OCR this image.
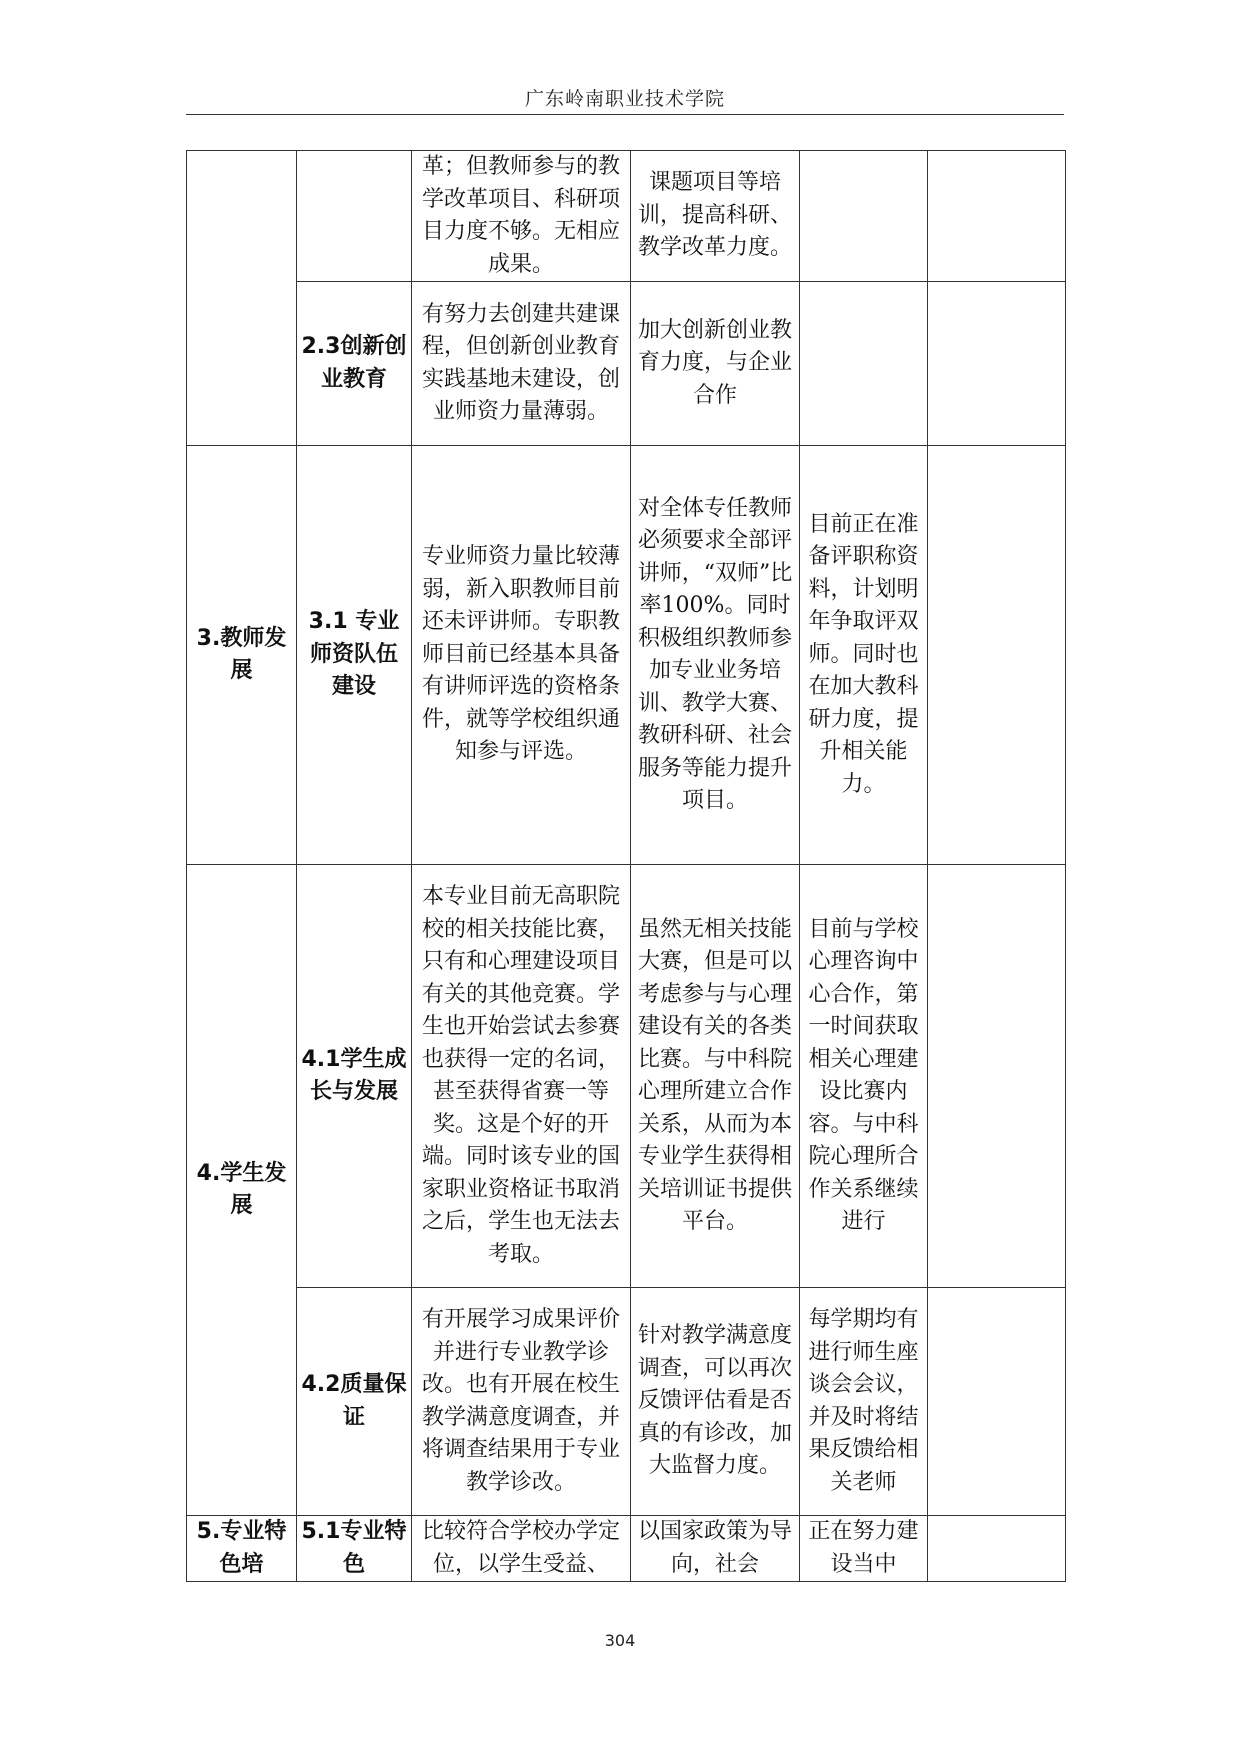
广东岭南职业技术学院
		革；但教师参与的教学改革项目、科研项目力度不够。无相应成果。	课题项目等培训，提高科研、教学改革力度。		
	2.3创新创业教育	有努力去创建共建课程，但创新创业教育实践基地未建设，创业师资力量薄弱。	加大创新创业教育力度，与企业合作		
3.教师发展	3.1 专业师资队伍建设	专业师资力量比较薄弱，新入职教师目前还未评讲师。专职教师目前已经基本具备有讲师评选的资格条件，就等学校组织通知参与评选。	对全体专任教师必须要求全部评讲师，“双师”比率100%。同时积极组织教师参加专业业务培训、教学大赛、教研科研、社会服务等能力提升项目。	目前正在准备评职称资料，计划明年争取评双师。同时也在加大教科研力度，提升相关能力。	
4.学生发展	4.1学生成长与发展	本专业目前无高职院校的相关技能比赛，只有和心理建设项目有关的其他竞赛。学生也开始尝试去参赛也获得一定的名词，甚至获得省赛一等奖。这是个好的开端。同时该专业的国家职业资格证书取消之后，学生也无法去考取。	虽然无相关技能大赛，但是可以考虑参与与心理建设有关的各类比赛。与中科院心理所建立合作关系，从而为本专业学生获得相关培训证书提供平台。	目前与学校心理咨询中心合作，第一时间获取相关心理建设比赛内容。与中科院心理所合作关系继续进行	
	4.2质量保证	有开展学习成果评价并进行专业教学诊改。也有开展在校生教学满意度调查，并将调查结果用于专业教学诊改。	针对教学满意度调查，可以再次反馈评估看是否真的有诊改，加大监督力度。	每学期均有进行师生座谈会会议，并及时将结果反馈给相关老师	
5.专业特色培	5.1专业特色	比较符合学校办学定位，以学生受益、	以国家政策为导向，社会	正在努力建设当中	
304
